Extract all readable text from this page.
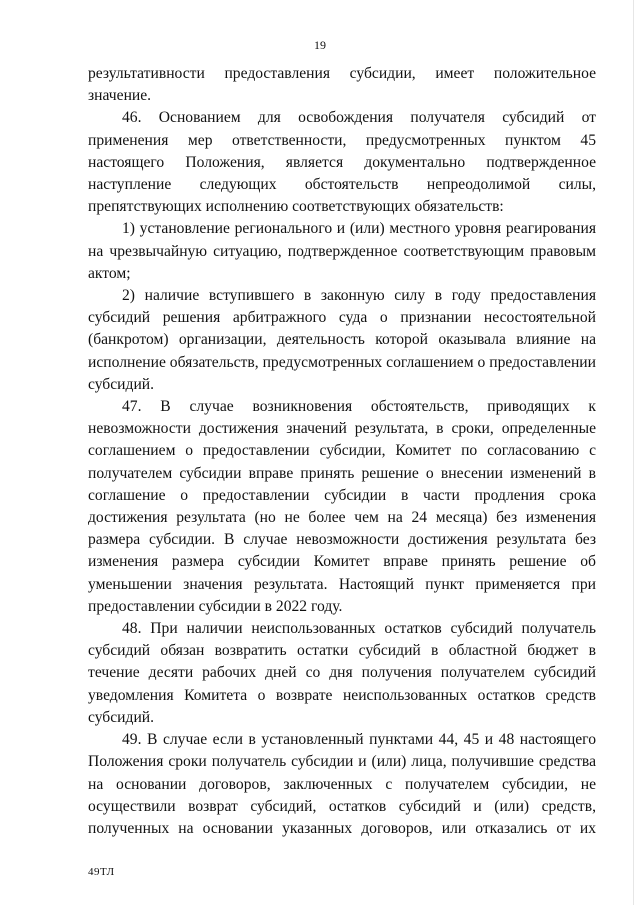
19

результативности предоставления субсидии, имеет положительное значение.

46. Основанием для освобождения получателя субсидий от применения мер ответственности, предусмотренных пунктом 45 настоящего Положения, является документально подтвержденное наступление следующих обстоятельств непреодолимой силы, препятствующих исполнению соответствующих обязательств:

1) установление регионального и (или) местного уровня реагирования на чрезвычайную ситуацию, подтвержденное соответствующим правовым актом;

2) наличие вступившего в законную силу в году предоставления субсидий решения арбитражного суда о признании несостоятельной (банкротом) организации, деятельность которой оказывала влияние на исполнение обязательств, предусмотренных соглашением о предоставлении субсидий.

47. В случае возникновения обстоятельств, приводящих к невозможности достижения значений результата, в сроки, определенные соглашением о предоставлении субсидии, Комитет по согласованию с получателем субсидии вправе принять решение о внесении изменений в соглашение о предоставлении субсидии в части продления срока достижения результата (но не более чем на 24 месяца) без изменения размера субсидии. В случае невозможности достижения результата без изменения размера субсидии Комитет вправе принять решение об уменьшении значения результата. Настоящий пункт применяется при предоставлении субсидии в 2022 году.

48. При наличии неиспользованных остатков субсидий получатель субсидий обязан возвратить остатки субсидий в областной бюджет в течение десяти рабочих дней со дня получения получателем субсидий уведомления Комитета о возврате неиспользованных остатков средств субсидий.

49. В случае если в установленный пунктами 44, 45 и 48 настоящего Положения сроки получатель субсидии и (или) лица, получившие средства на основании договоров, заключенных с получателем субсидии, не осуществили возврат субсидий, остатков субсидий и (или) средств, полученных на основании указанных договоров, или отказались от их

49ТЛ
